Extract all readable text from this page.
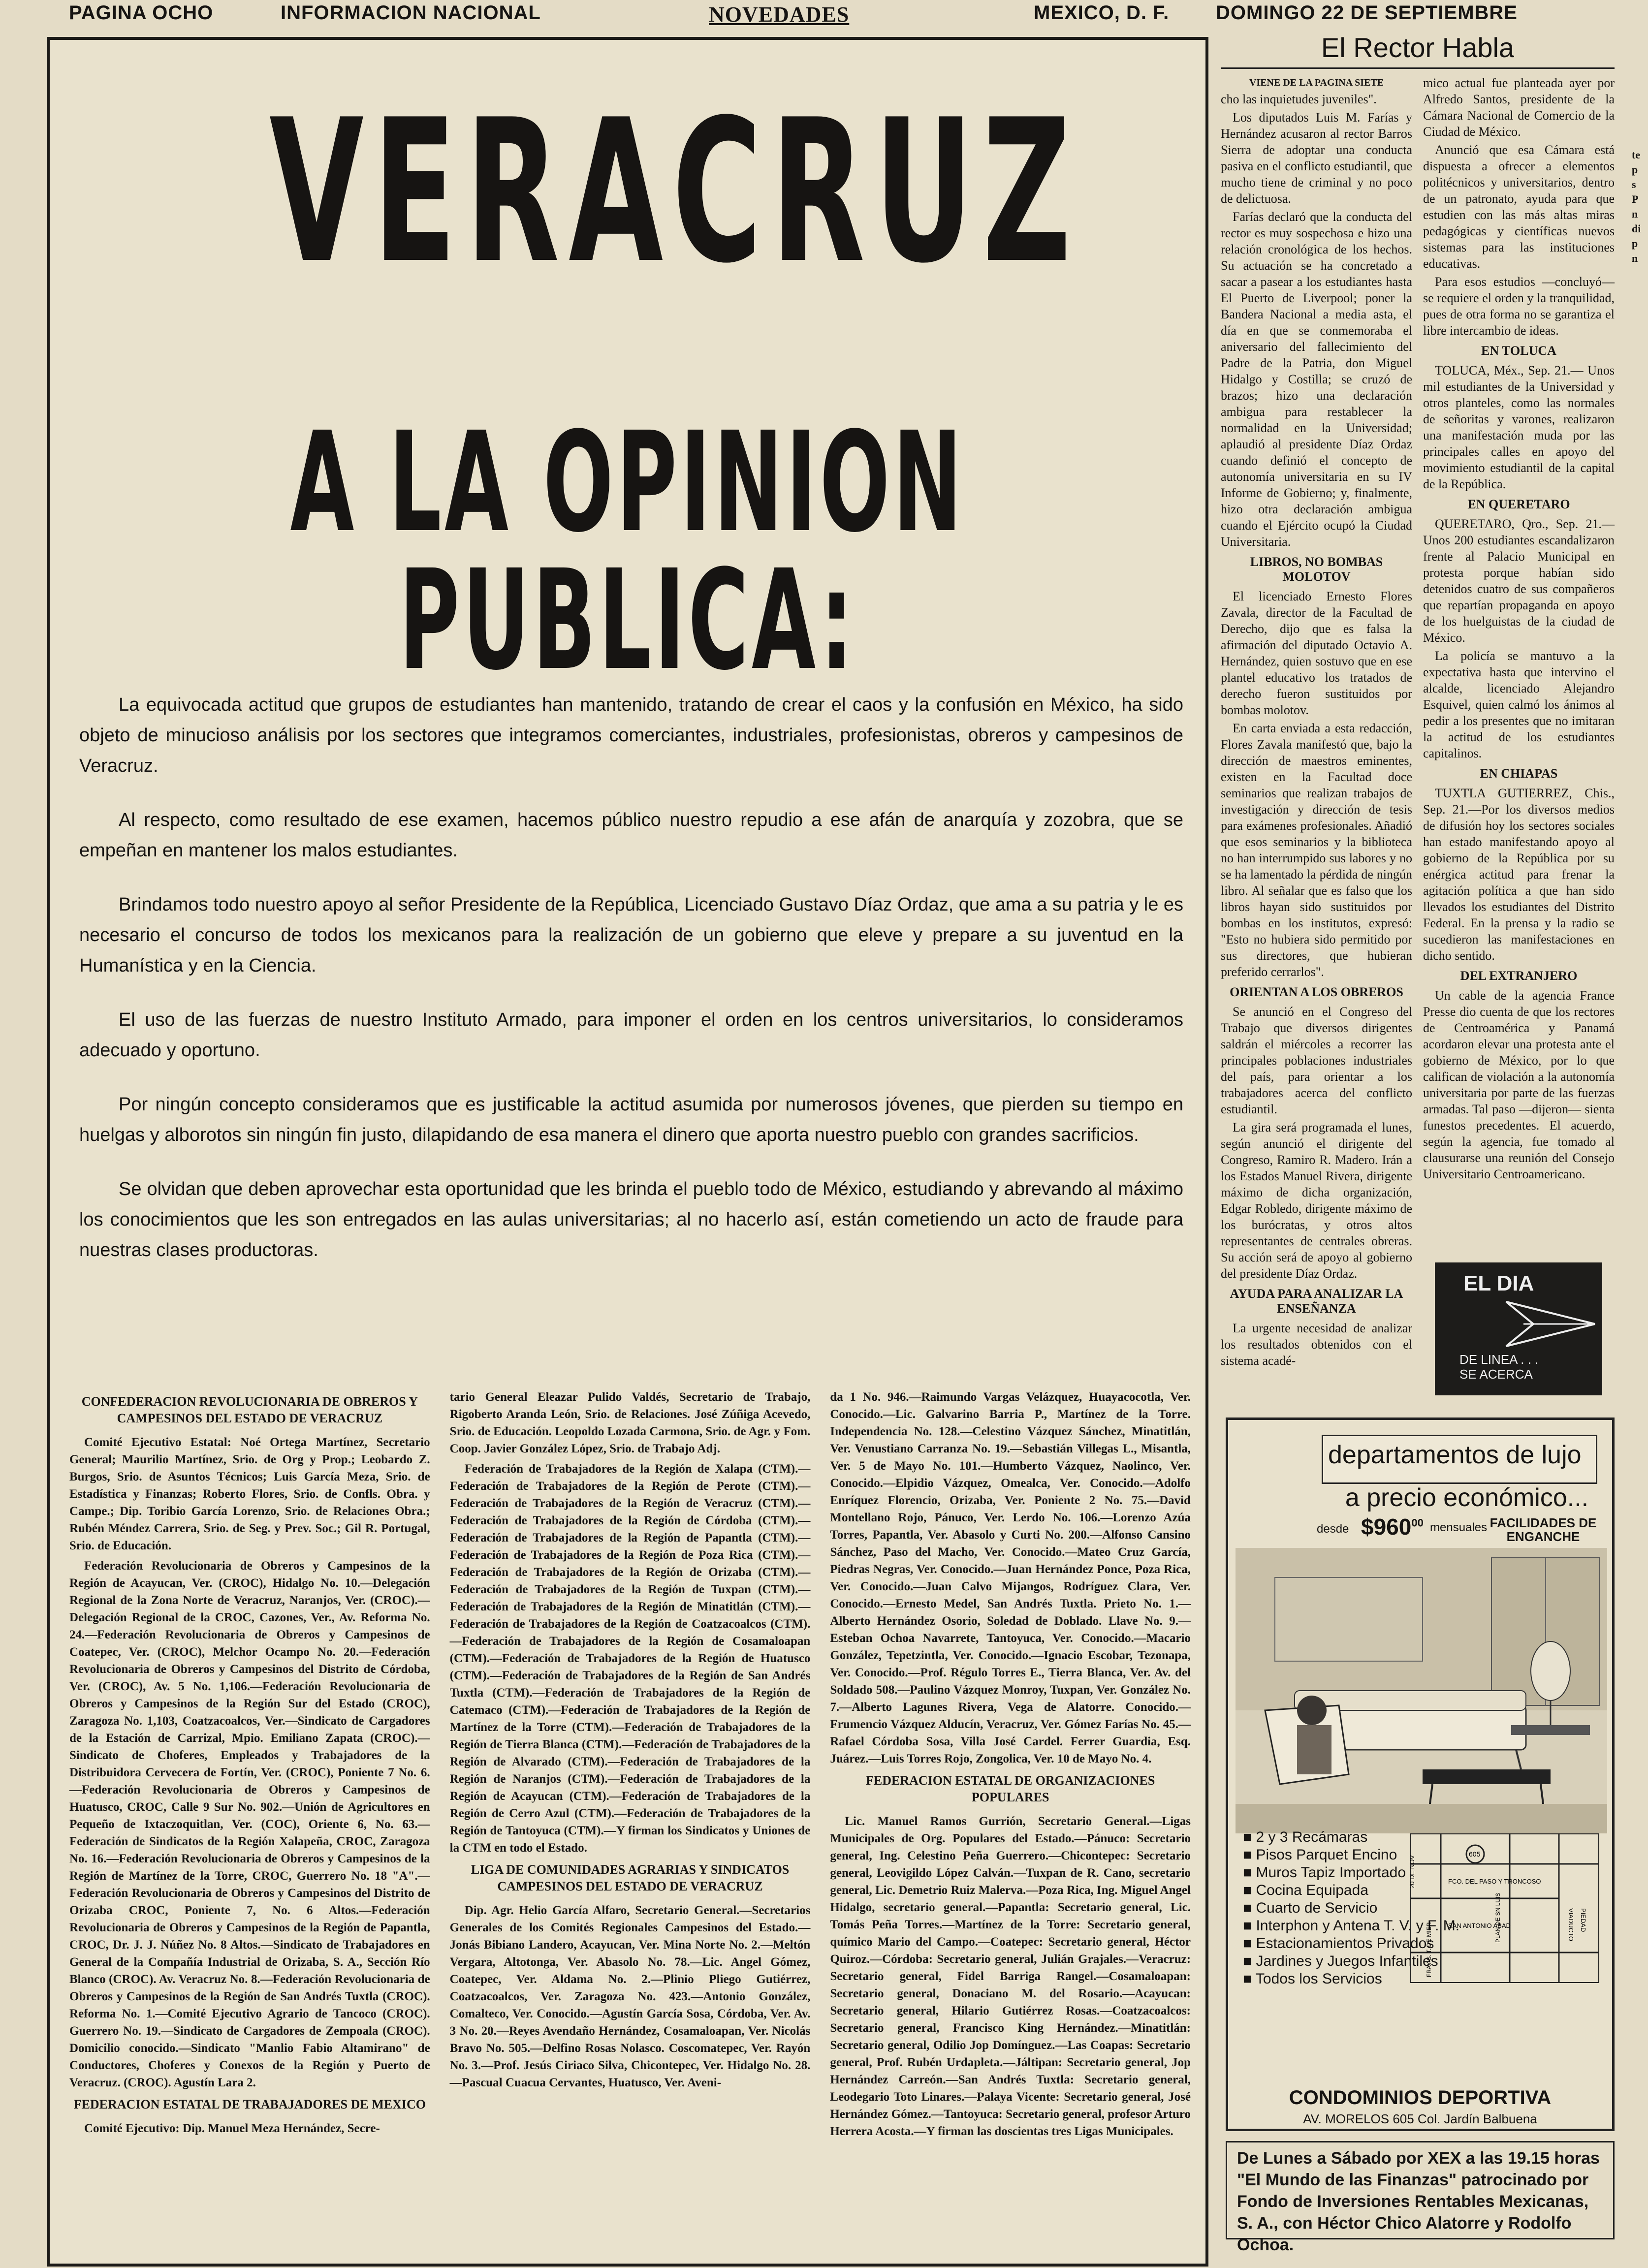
PAGINA OCHO	INFORMACION NACIONAL	NOVEDADES	MEXICO, D. F. DOMINGO 22 DE SEPTIEMBRE
VERACRUZ
A LA OPINION PUBLICA:

La equivocada actitud que grupos de estudiantes han mantenido, tratando de crear el caos y la confusión en México, ha sido objeto de minucioso análisis por los sectores que integramos comerciantes, industriales, profesionistas, obreros y campesinos de Veracruz.

Al respecto, como resultado de ese examen, hacemos público nuestro repudio a ese afán de anarquía y zozobra, que se empeñan en mantener los malos estudiantes.

Brindamos todo nuestro apoyo al señor Presidente de la República, Licenciado Gustavo Díaz Ordaz, que ama a su patria y le es necesario el concurso de todos los mexicanos para la realización de un gobierno que eleve y prepare a su juventud en la Humanística y en la Ciencia.

El uso de las fuerzas de nuestro Instituto Armado, para imponer el orden en los centros universitarios, lo consideramos adecuado y oportuno.

Por ningún concepto consideramos que es justificable la actitud asumida por numerosos jóvenes, que pierden su tiempo en huelgas y alborotos sin ningún fin justo, dilapidando de esa manera el dinero que aporta nuestro pueblo con grandes sacrificios.

Se olvidan que deben aprovechar esta oportunidad que les brinda el pueblo todo de México, estudiando y abrevando al máximo los conocimientos que les son entregados en las aulas universitarias; al no hacerlo así, están cometiendo un acto de fraude para nuestras clases productoras.

CONFEDERACION REVOLUCIONARIA DE OBREROS Y CAMPESINOS DEL ESTADO DE VERACRUZ

Comité Ejecutivo Estatal: Noé Ortega Martínez, Secretario General; Maurilio Martínez, Srio. de Org y Prop.; Leobardo Z. Burgos, Srio. de Asuntos Técnicos; Luis García Meza, Srio. de Estadística y Finanzas; Roberto Flores, Srio. de Confls. Obra. y Campe.; Dip. Toribio García Lorenzo, Srio. de Relaciones Obra.; Rubén Méndez Carrera, Srio. de Seg. y Prev. Soc.; Gil R. Portugal, Srio. de Educación.

Federación Revolucionaria de Obreros y Campesinos de la Región de Acayucan, Ver. (CROC), Hidalgo No. 10.—Delegación Regional de la Zona Norte de Veracruz, Naranjos, Ver. (CROC).—Delegación Regional de la CROC, Cazones, Ver., Av. Reforma No. 24.—Federación Revolucionaria de Obreros y Campesinos de Coatepec, Ver. (CROC), Melchor Ocampo No. 20.—Federación Revolucionaria de Obreros y Campesinos del Distrito de Córdoba, Ver. (CROC), Av. 5 No. 1,106.—Federación Revolucionaria de Obreros y Campesinos de la Región Sur del Estado (CROC), Zaragoza No. 1,103, Coatzacoalcos, Ver.—Sindicato de Cargadores de la Estación de Carrizal, Mpio. Emiliano Zapata (CROC).—Sindicato de Choferes, Empleados y Trabajadores de la Distribuidora Cervecera de Fortín, Ver. (CROC), Poniente 7 No. 6.—Federación Revolucionaria de Obreros y Campesinos de Huatusco, CROC, Calle 9 Sur No. 902.—Unión de Agricultores en Pequeño de Ixtaczoquitlan, Ver. (COC), Oriente 6, No. 63.—Federación de Sindicatos de la Región Xalapeña, CROC, Zaragoza No. 16.—Federación Revolucionaria de Obreros y Campesinos de la Región de Martínez de la Torre, CROC, Guerrero No. 18 "A".—Federación Revolucionaria de Obreros y Campesinos del Distrito de Orizaba CROC, Poniente 7, No. 6 Altos.—Federación Revolucionaria de Obreros y Campesinos de la Región de Papantla, CROC, Dr. J. J. Núñez No. 8 Altos.—Sindicato de Trabajadores en General de la Compañía Industrial de Orizaba, S. A., Sección Río Blanco (CROC). Av. Veracruz No. 8.—Federación Revolucionaria de Obreros y Campesinos de la Región de San Andrés Tuxtla (CROC). Reforma No. 1.—Comité Ejecutivo Agrario de Tancoco (CROC). Guerrero No. 19.—Sindicato de Cargadores de Zempoala (CROC). Domicilio conocido.—Sindicato "Manlio Fabio Altamirano" de Conductores, Choferes y Conexos de la Región y Puerto de Veracruz. (CROC). Agustín Lara 2.

FEDERACION ESTATAL DE TRABAJADORES DE MEXICO

Comité Ejecutivo: Dip. Manuel Meza Hernández, Secre-

tario General Eleazar Pulido Valdés, Secretario de Trabajo, Rigoberto Aranda León, Srio. de Relaciones. José Zúñiga Acevedo, Srio. de Educación. Leopoldo Lozada Carmona, Srio. de Agr. y Fom. Coop. Javier González López, Srio. de Trabajo Adj.

Federación de Trabajadores de la Región de Xalapa (CTM).—Federación de Trabajadores de la Región de Perote (CTM).—Federación de Trabajadores de la Región de Veracruz (CTM).—Federación de Trabajadores de la Región de Córdoba (CTM).—Federación de Trabajadores de la Región de Papantla (CTM).—Federación de Trabajadores de la Región de Poza Rica (CTM).—Federación de Trabajadores de la Región de Orizaba (CTM).—Federación de Trabajadores de la Región de Tuxpan (CTM).—Federación de Trabajadores de la Región de Minatitlán (CTM).—Federación de Trabajadores de la Región de Coatzacoalcos (CTM).—Federación de Trabajadores de la Región de Cosamaloapan (CTM).—Federación de Trabajadores de la Región de Huatusco (CTM).—Federación de Trabajadores de la Región de San Andrés Tuxtla (CTM).—Federación de Trabajadores de la Región de Catemaco (CTM).—Federación de Trabajadores de la Región de Martínez de la Torre (CTM).—Federación de Trabajadores de la Región de Tierra Blanca (CTM).—Federación de Trabajadores de la Región de Alvarado (CTM).—Federación de Trabajadores de la Región de Naranjos (CTM).—Federación de Trabajadores de la Región de Acayucan (CTM).—Federación de Trabajadores de la Región de Cerro Azul (CTM).—Federación de Trabajadores de la Región de Tantoyuca (CTM).—Y firman los Sindicatos y Uniones de la CTM en todo el Estado.

LIGA DE COMUNIDADES AGRARIAS Y SINDICATOS CAMPESINOS DEL ESTADO DE VERACRUZ

Dip. Agr. Helio García Alfaro, Secretario General.—Secretarios Generales de los Comités Regionales Campesinos del Estado.—Jonás Bibiano Landero, Acayucan, Ver. Mina Norte No. 2.—Meltón Vergara, Altotonga, Ver. Abasolo No. 78.—Lic. Angel Gómez, Coatepec, Ver. Aldama No. 2.—Plinio Pliego Gutiérrez, Coatzacoalcos, Ver. Zaragoza No. 423.—Antonio González, Comalteco, Ver. Conocido.—Agustín García Sosa, Córdoba, Ver. Av. 3 No. 20.—Reyes Avendaño Hernández, Cosamaloapan, Ver. Nicolás Bravo No. 505.—Delfino Rosas Nolasco. Coscomatepec, Ver. Rayón No. 3.—Prof. Jesús Ciriaco Silva, Chicontepec, Ver. Hidalgo No. 28.—Pascual Cuacua Cervantes, Huatusco, Ver. Aveni-

da 1 No. 946.—Raimundo Vargas Velázquez, Huayacocotla, Ver. Conocido.—Lic. Galvarino Barria P., Martínez de la Torre. Independencia No. 128.—Celestino Vázquez Sánchez, Minatitlán, Ver. Venustiano Carranza No. 19.—Sebastián Villegas L., Misantla, Ver. 5 de Mayo No. 101.—Humberto Vázquez, Naolinco, Ver. Conocido.—Elpidio Vázquez, Omealca, Ver. Conocido.—Adolfo Enríquez Florencio, Orizaba, Ver. Poniente 2 No. 75.—David Montellano Rojo, Pánuco, Ver. Lerdo No. 106.—Lorenzo Azúa Torres, Papantla, Ver. Abasolo y Curti No. 200.—Alfonso Cansino Sánchez, Paso del Macho, Ver. Conocido.—Mateo Cruz García, Piedras Negras, Ver. Conocido.—Juan Hernández Ponce, Poza Rica, Ver. Conocido.—Juan Calvo Mijangos, Rodríguez Clara, Ver. Conocido.—Ernesto Medel, San Andrés Tuxtla. Prieto No. 1.—Alberto Hernández Osorio, Soledad de Doblado. Llave No. 9.—Esteban Ochoa Navarrete, Tantoyuca, Ver. Conocido.—Macario González, Tepetzintla, Ver. Conocido.—Ignacio Escobar, Tezonapa, Ver. Conocido.—Prof. Régulo Torres E., Tierra Blanca, Ver. Av. del Soldado 508.—Paulino Vázquez Monroy, Tuxpan, Ver. González No. 7.—Alberto Lagunes Rivera, Vega de Alatorre. Conocido.—Frumencio Vázquez Alducín, Veracruz, Ver. Gómez Farías No. 45.—Rafael Córdoba Sosa, Villa José Cardel. Ferrer Guardia, Esq. Juárez.—Luis Torres Rojo, Zongolica, Ver. 10 de Mayo No. 4.

FEDERACION ESTATAL DE ORGANIZACIONES POPULARES

Lic. Manuel Ramos Gurrión, Secretario General.—Ligas Municipales de Org. Populares del Estado.—Pánuco: Secretario general, Ing. Celestino Peña Guerrero.—Chicontepec: Secretario general, Leovigildo López Calván.—Tuxpan de R. Cano, secretario general, Lic. Demetrio Ruiz Malerva.—Poza Rica, Ing. Miguel Angel Hidalgo, secretario general.—Papantla: Secretario general, Lic. Tomás Peña Torres.—Martínez de la Torre: Secretario general, químico Mario del Campo.—Coatepec: Secretario general, Héctor Quiroz.—Córdoba: Secretario general, Julián Grajales.—Veracruz: Secretario general, Fidel Barriga Rangel.—Cosamaloapan: Secretario general, Donaciano M. del Rosario.—Acayucan: Secretario general, Hilario Gutiérrez Rosas.—Coatzacoalcos: Secretario general, Francisco King Hernández.—Minatitlán: Secretario general, Odilio Jop Domínguez.—Las Coapas: Secretario general, Prof. Rubén Urdapleta.—Jáltipan: Secretario general, Jop Hernández Carreón.—San Andrés Tuxtla: Secretario general, Leodegario Toto Linares.—Palaya Vicente: Secretario general, José Hernández Gómez.—Tantoyuca: Secretario general, profesor Arturo Herrera Acosta.—Y firman las doscientas tres Ligas Municipales.

El Rector Habla
VIENE DE LA PAGINA SIETE

cho las inquietudes juveniles".

Los diputados Luis M. Farías y Hernández acusaron al rector Barros Sierra de adoptar una conducta pasiva en el conflicto estudiantil, que mucho tiene de criminal y no poco de delictuosa.

Farías declaró que la conducta del rector es muy sospechosa e hizo una relación cronológica de los hechos. Su actuación se ha concretado a sacar a pasear a los estudiantes hasta El Puerto de Liverpool; poner la Bandera Nacional a media asta, el día en que se conmemoraba el aniversario del fallecimiento del Padre de la Patria, don Miguel Hidalgo y Costilla; se cruzó de brazos; hizo una declaración ambigua para restablecer la normalidad en la Universidad; aplaudió al presidente Díaz Ordaz cuando definió el concepto de autonomía universitaria en su IV Informe de Gobierno; y, finalmente, hizo otra declaración ambigua cuando el Ejército ocupó la Ciudad Universitaria.

LIBROS, NO BOMBAS MOLOTOV

El licenciado Ernesto Flores Zavala, director de la Facultad de Derecho, dijo que es falsa la afirmación del diputado Octavio A. Hernández, quien sostuvo que en ese plantel educativo los tratados de derecho fueron sustituidos por bombas molotov.

En carta enviada a esta redacción, Flores Zavala manifestó que, bajo la dirección de maestros eminentes, existen en la Facultad doce seminarios que realizan trabajos de investigación y dirección de tesis para exámenes profesionales. Añadió que esos seminarios y la biblioteca no han interrumpido sus labores y no se ha lamentado la pérdida de ningún libro. Al señalar que es falso que los libros hayan sido sustituidos por bombas en los institutos, expresó: "Esto no hubiera sido permitido por sus directores, que hubieran preferido cerrarlos".

ORIENTAN A LOS OBREROS

Se anunció en el Congreso del Trabajo que diversos dirigentes saldrán el miércoles a recorrer las principales poblaciones industriales del país, para orientar a los trabajadores acerca del conflicto estudiantil.

La gira será programada el lunes, según anunció el dirigente del Congreso, Ramiro R. Madero. Irán a los Estados Manuel Rivera, dirigente máximo de dicha organización, Edgar Robledo, dirigente máximo de los burócratas, y otros altos representantes de centrales obreras. Su acción será de apoyo al gobierno del presidente Díaz Ordaz.

AYUDA PARA ANALIZAR LA ENSEÑANZA

La urgente necesidad de analizar los resultados obtenidos con el sistema acadé-

mico actual fue planteada ayer por Alfredo Santos, presidente de la Cámara Nacional de Comercio de la Ciudad de México.

Anunció que esa Cámara está dispuesta a ofrecer a elementos politécnicos y universitarios, dentro de un patronato, ayuda para que estudien con las más altas miras pedagógicas y científicas nuevos sistemas para las instituciones educativas.

Para esos estudios —concluyó— se requiere el orden y la tranquilidad, pues de otra forma no se garantiza el libre intercambio de ideas.

EN TOLUCA

TOLUCA, Méx., Sep. 21.— Unos mil estudiantes de la Universidad y otros planteles, como las normales de señoritas y varones, realizaron una manifestación muda por las principales calles en apoyo del movimiento estudiantil de la capital de la República.

EN QUERETARO

QUERETARO, Qro., Sep. 21.—Unos 200 estudiantes escandalizaron frente al Palacio Municipal en protesta porque habían sido detenidos cuatro de sus compañeros que repartían propaganda en apoyo de los huelguistas de la ciudad de México.

La policía se mantuvo a la expectativa hasta que intervino el alcalde, licenciado Alejandro Esquivel, quien calmó los ánimos al pedir a los presentes que no imitaran la actitud de los estudiantes capitalinos.

EN CHIAPAS

TUXTLA GUTIERREZ, Chis., Sep. 21.—Por los diversos medios de difusión hoy los sectores sociales han estado manifestando apoyo al gobierno de la República por su enérgica actitud para frenar la agitación política a que han sido llevados los estudiantes del Distrito Federal. En la prensa y la radio se sucedieron las manifestaciones en dicho sentido.

DEL EXTRANJERO

Un cable de la agencia France Presse dio cuenta de que los rectores de Centroamérica y Panamá acordaron elevar una protesta ante el gobierno de México, por lo que califican de violación a la autonomía universitaria por parte de las fuerzas armadas. Tal paso —dijeron— sienta funestos precedentes. El acuerdo, según la agencia, fue tomado al clausurarse una reunión del Consejo Universitario Centroamericano.

EL DIA
DE LINEA . . .
SE ACERCA
departamentos de lujo
a precio económico...
desde $\$960^{00}$ mensuales FACILIDADES DE ENGANCHE
■ 2 y 3 Recámaras
■ Pisos Parquet Encino
■ Muros Tapiz Importado
■ Cocina Equipada
■ Cuarto de Servicio
■ Interphon y Antena T. V. y F. M.
■ Estacionamientos Privados
■ Jardines y Juegos Infantiles
■ Todos los Servicios
20 DE NOV
605
FCO. DEL PASO Y TRONCOSO
SAN ANTONIO ABAD
PLAN DE SN LUIS
FRAY S. T. DE MIER	VIADUCTO PIEDAD
CONDOMINIOS DEPORTIVA
AV. MORELOS 605 Col. Jardín Balbuena
De Lunes a Sábado por XEX a las 19.15 horas "El Mundo de las Finanzas" patrocinado por Fondo de Inversiones Rentables Mexicanas, S. A., con Héctor Chico Alatorre y Rodolfo Ochoa.
te
p
s
P
n
di
p
n
